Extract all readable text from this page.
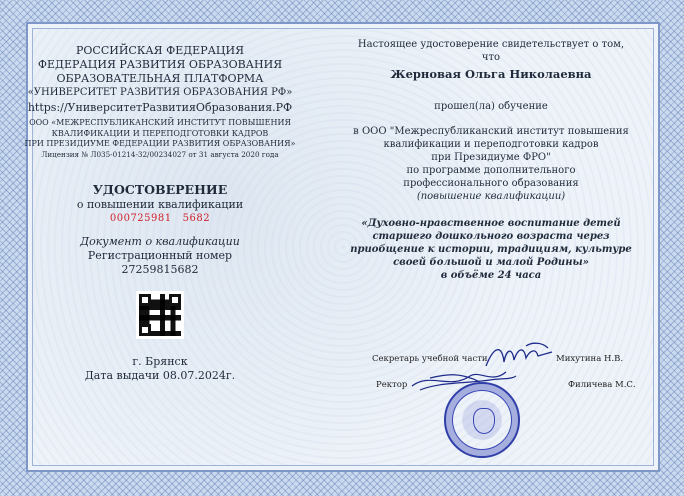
РОССИЙСКАЯ ФЕДЕРАЦИЯ
ФЕДЕРАЦИЯ РАЗВИТИЯ ОБРАЗОВАНИЯ
ОБРАЗОВАТЕЛЬНАЯ ПЛАТФОРМА
«УНИВЕРСИТЕТ РАЗВИТИЯ ОБРАЗОВАНИЯ РФ»
https://УниверситетРазвитияОбразования.РФ
ООО «МЕЖРЕСПУБЛИКАНСКИЙ ИНСТИТУТ ПОВЫШЕНИЯ
КВАЛИФИКАЦИИ И ПЕРЕПОДГОТОВКИ КАДРОВ
ПРИ ПРЕЗИДИУМЕ ФЕДЕРАЦИИ РАЗВИТИЯ ОБРАЗОВАНИЯ»
Лицензия № Л035-01214-32/00234027 от 31 августа 2020 года
УДОСТОВЕРЕНИЕ
о повышении квалификации
000725981 5682
Документ о квалификации
Регистрационный номер
27259815682
г. Брянск
Дата выдачи 08.07.2024г.
Настоящее удостоверение свидетельствует о том,
что
Жерновая Ольга Николаевна
прошел(ла) обучение
в ООО "Межреспубликанский институт повышения
квалификации и переподготовки кадров
при Президиуме ФРО"
по программе дополнительного
профессионального образования
(повышение квалификации)
«Духовно-нравственное воспитание детей
старшего дошкольного возраста через
приобщение к истории, традициям, культуре
своей большой и малой Родины»
в объёме 24 часа
Секретарь учебной части	Михутина Н.В.
Ректор	Филичева М.С.
